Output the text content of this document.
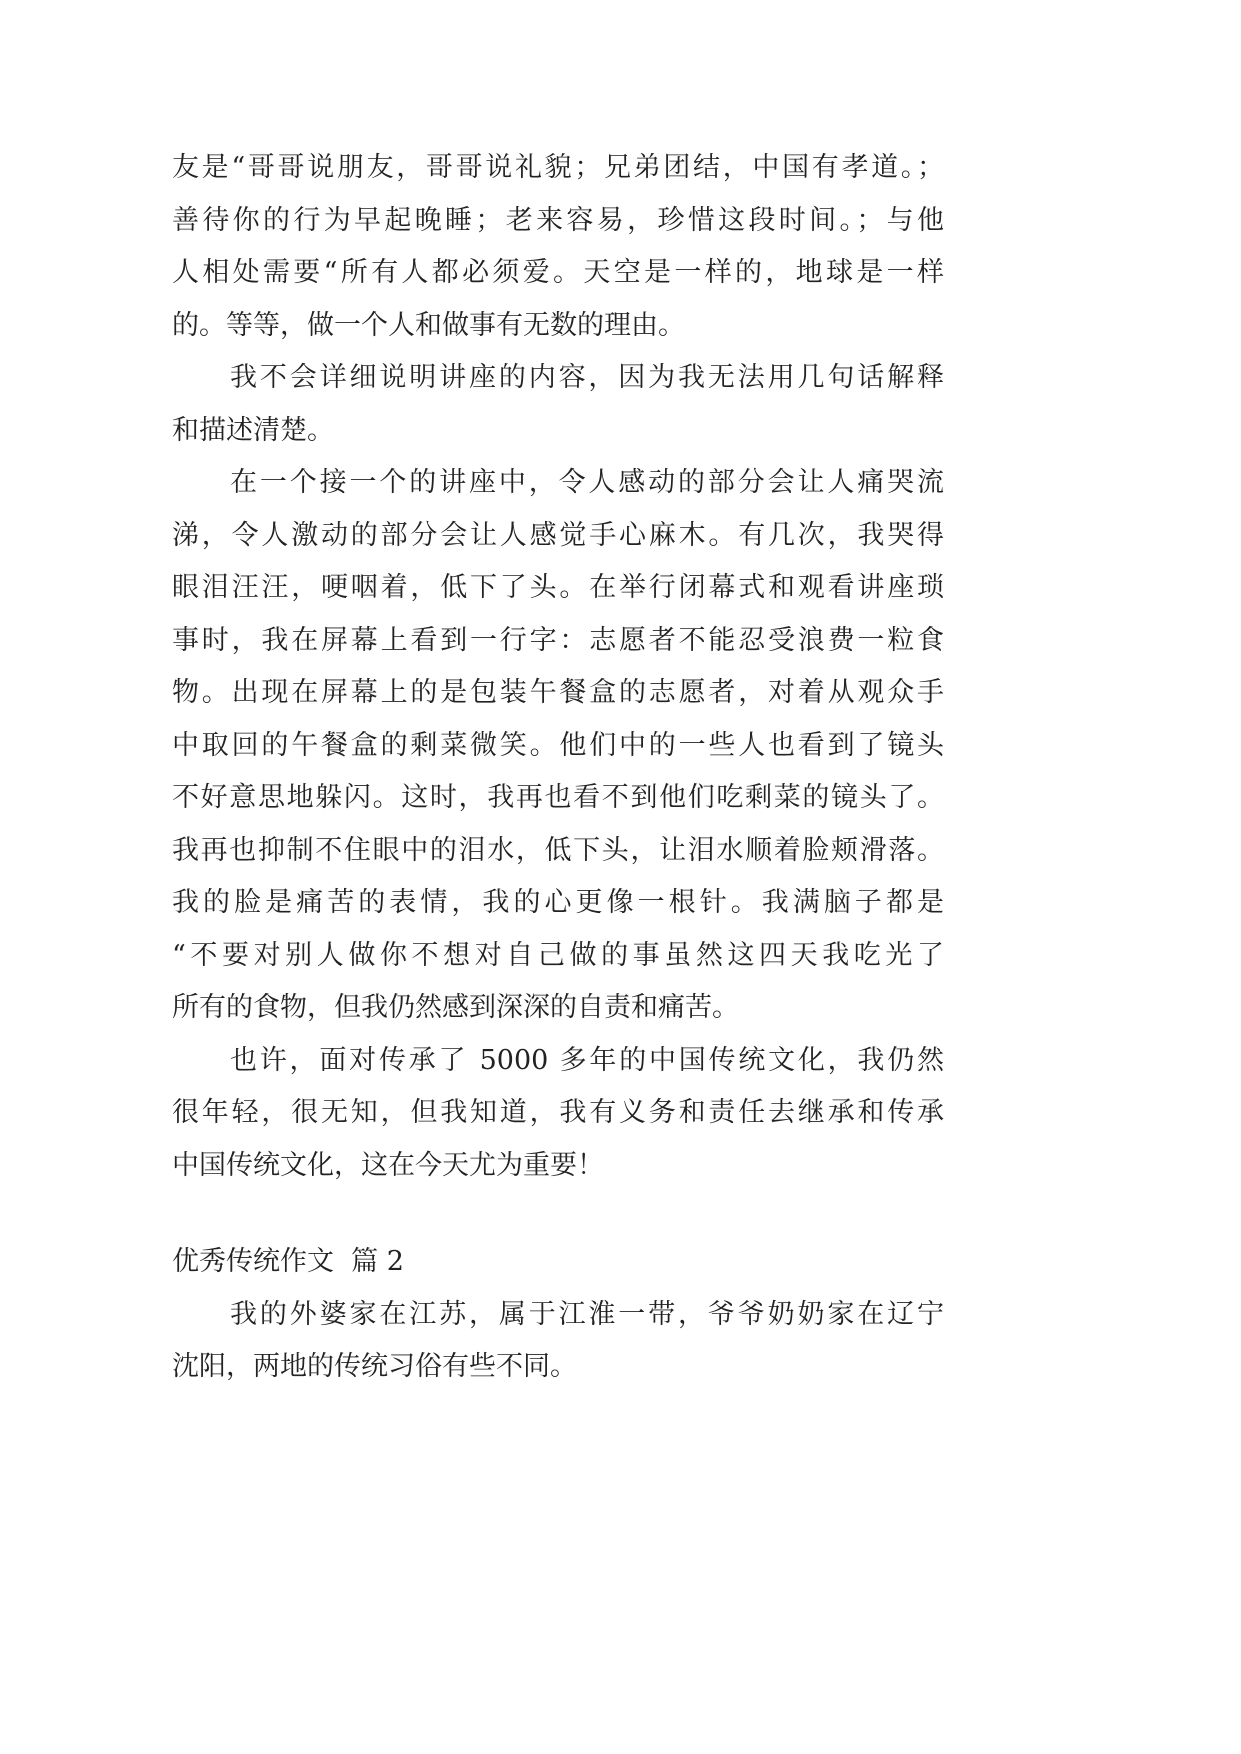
友是“哥哥说朋友，哥哥说礼貌；兄弟团结，中国有孝道。；
善待你的行为早起晚睡；老来容易，珍惜这段时间。；与他
人相处需要“所有人都必须爱。天空是一样的，地球是一样
的。等等，做一个人和做事有无数的理由。
我不会详细说明讲座的内容，因为我无法用几句话解释
和描述清楚。
在一个接一个的讲座中，令人感动的部分会让人痛哭流
涕，令人激动的部分会让人感觉手心麻木。有几次，我哭得
眼泪汪汪，哽咽着，低下了头。在举行闭幕式和观看讲座琐
事时，我在屏幕上看到一行字：志愿者不能忍受浪费一粒食
物。出现在屏幕上的是包装午餐盒的志愿者，对着从观众手
中取回的午餐盒的剩菜微笑。他们中的一些人也看到了镜头
不好意思地躲闪。这时，我再也看不到他们吃剩菜的镜头了。
我再也抑制不住眼中的泪水，低下头，让泪水顺着脸颊滑落。
我的脸是痛苦的表情，我的心更像一根针。我满脑子都是
“不要对别人做你不想对自己做的事虽然这四天我吃光了
所有的食物，但我仍然感到深深的自责和痛苦。
也许，面对传承了 5000 多年的中国传统文化，我仍然
很年轻，很无知，但我知道，我有义务和责任去继承和传承
中国传统文化，这在今天尤为重要！
优秀传统作文  篇 2
我的外婆家在江苏，属于江淮一带，爷爷奶奶家在辽宁
沈阳，两地的传统习俗有些不同。
